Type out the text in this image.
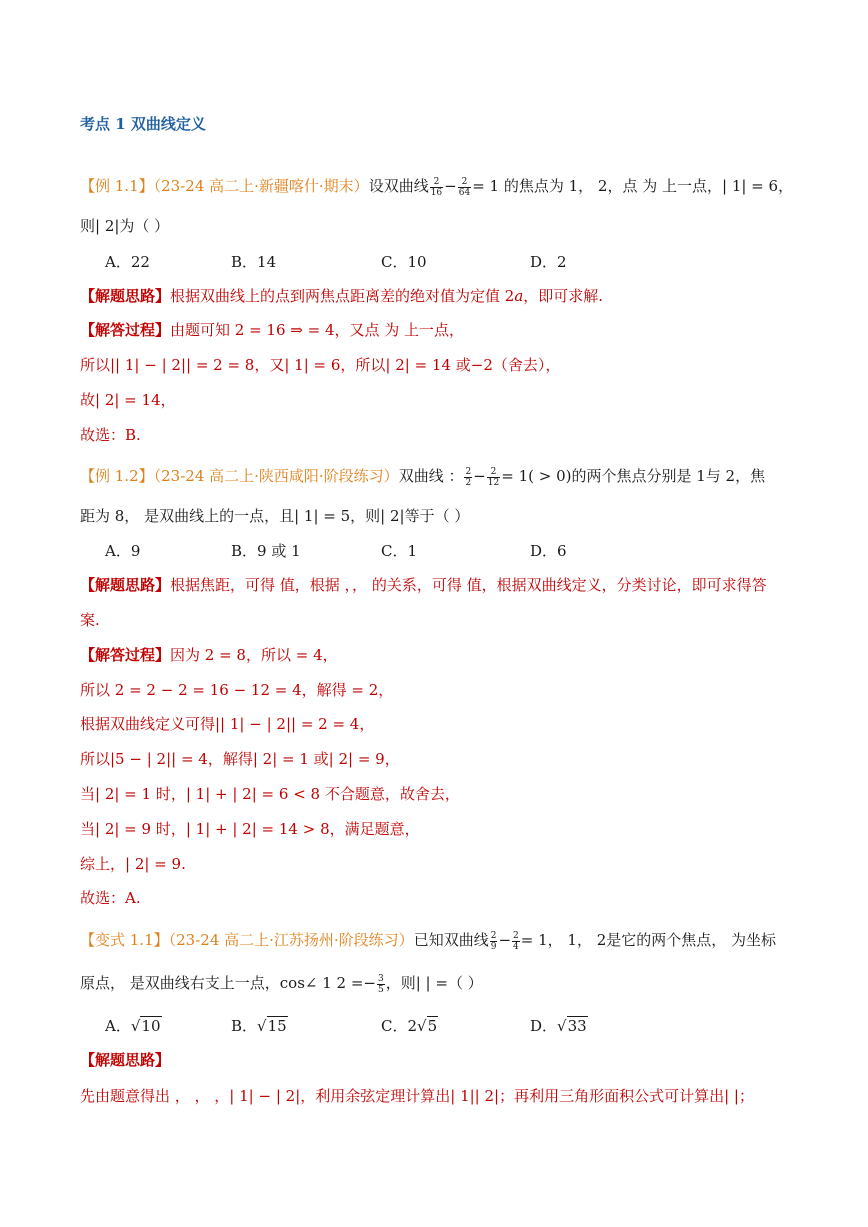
考点 1 双曲线定义
【例 1.1】（23-24 高二上·新疆喀什·期末）设双曲线 $\frac{2}{16} - \frac{2}{64} = 1$ 的焦点为 1， 2，点 为 上一点，| 1| = 6，
则| 2|为（ ）
A．22	B．14	C．10	D．2
【解题思路】根据双曲线上的点到两焦点距离差的绝对值为定值 2a，即可求解.
【解答过程】由题可知 2 = 16 ⇒ = 4，又点 为 上一点，
所以|| 1| − | 2|| = 2 = 8，又| 1| = 6，所以| 2| = 14 或−2（舍去），
故| 2| = 14，
故选：B.
【例 1.2】（23-24 高二上·陕西咸阳·阶段练习）双曲线 ： $\frac{2}{2} - \frac{2}{12} = 1( > 0)$的两个焦点分别是 1与 2，焦
距为 8， 是双曲线上的一点，且| 1| = 5，则| 2|等于（ ）
A．9	B．9 或 1	C．1	D．6
【解题思路】根据焦距，可得 值，根据 ，， 的关系，可得 值，根据双曲线定义，分类讨论，即可求得答
案.
【解答过程】因为 2 = 8，所以 = 4，
所以 2 = 2 − 2 = 16 − 12 = 4，解得 = 2，
根据双曲线定义可得|| 1| − | 2|| = 2 = 4，
所以|5 − | 2|| = 4，解得| 2| = 1 或| 2| = 9，
当| 2| = 1 时，| 1| + | 2| = 6 < 8 不合题意，故舍去，
当| 2| = 9 时，| 1| + | 2| = 14 > 8，满足题意，
综上，| 2| = 9.
故选：A.
【变式 1.1】（23-24 高二上·江苏扬州·阶段练习）已知双曲线 $\frac{2}{9} - \frac{2}{4} = 1$， 1， 2是它的两个焦点， 为坐标
原点， 是双曲线右支上一点，cos∠ 1 $2 =- \frac{3}{5}$ ，则| | =（ ）
A．√10	B．√15	C．2√5	D．√33
【解题思路】
先由题意得出 ， ， ，| 1| − | 2|，利用余弦定理计算出| 1|| 2|；再利用三角形面积公式可计算出| |；
